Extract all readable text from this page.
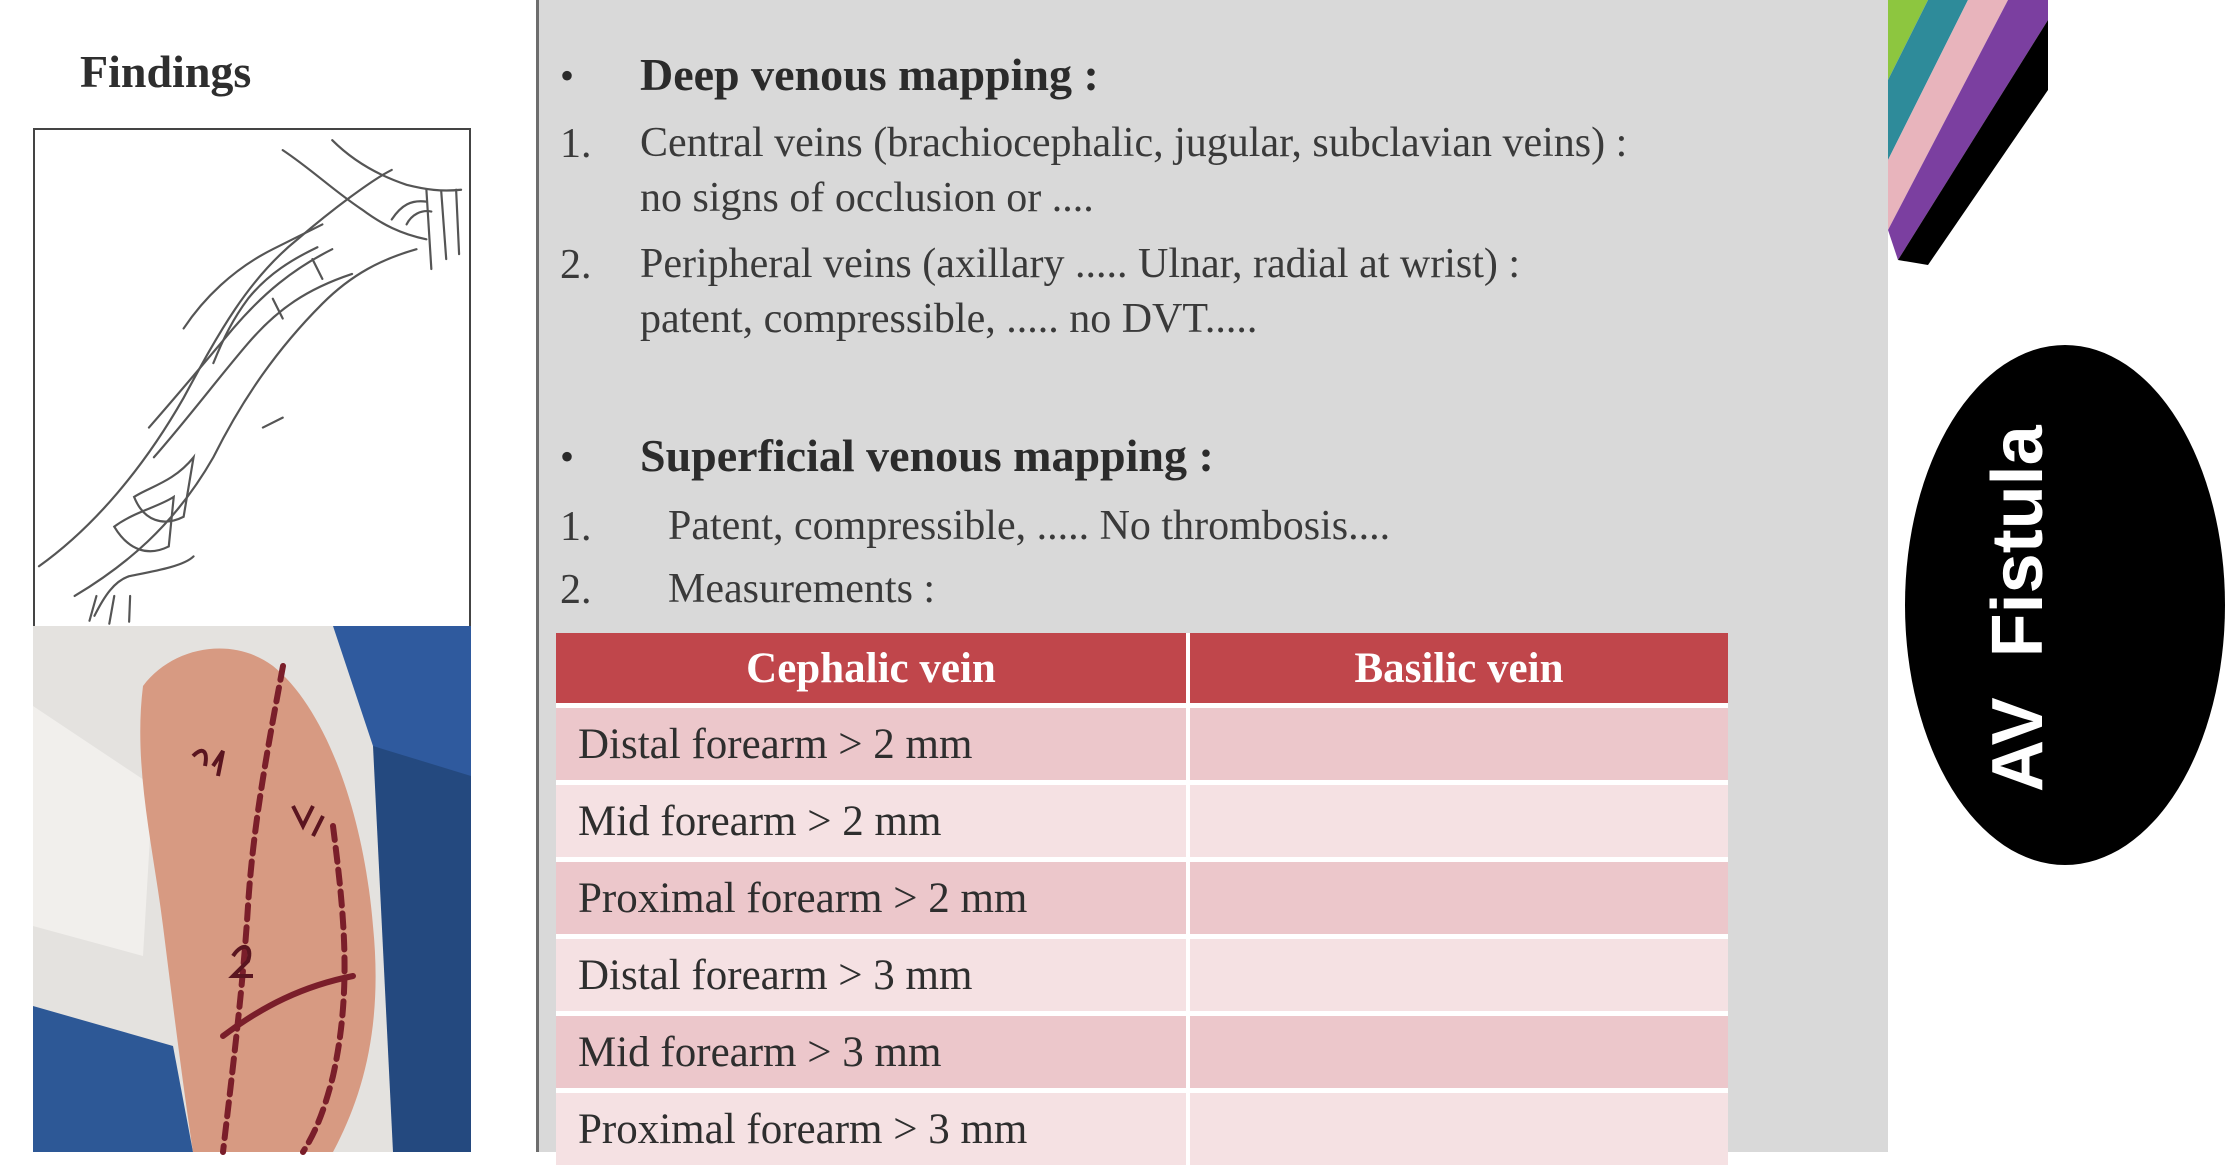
Findings	• Deep venous mapping :
1. Central veins (brachiocephalic, jugular, subclavian veins) :
no signs of occlusion or ....
2. Peripheral veins (axillary ..... Ulnar, radial at wrist) :
patent, compressible, ..... no DVT.....
• Superficial venous mapping :
1. Patent, compressible, ..... No thrombosis....
2. Measurements :
Cephalic vein	Basilic vein
Distal forearm > 2 mm	
Mid forearm > 2 mm	
Proximal forearm > 2 mm	
Distal forearm > 3 mm	
Mid forearm > 3 mm	
Proximal forearm > 3 mm	
AV  Fistula
